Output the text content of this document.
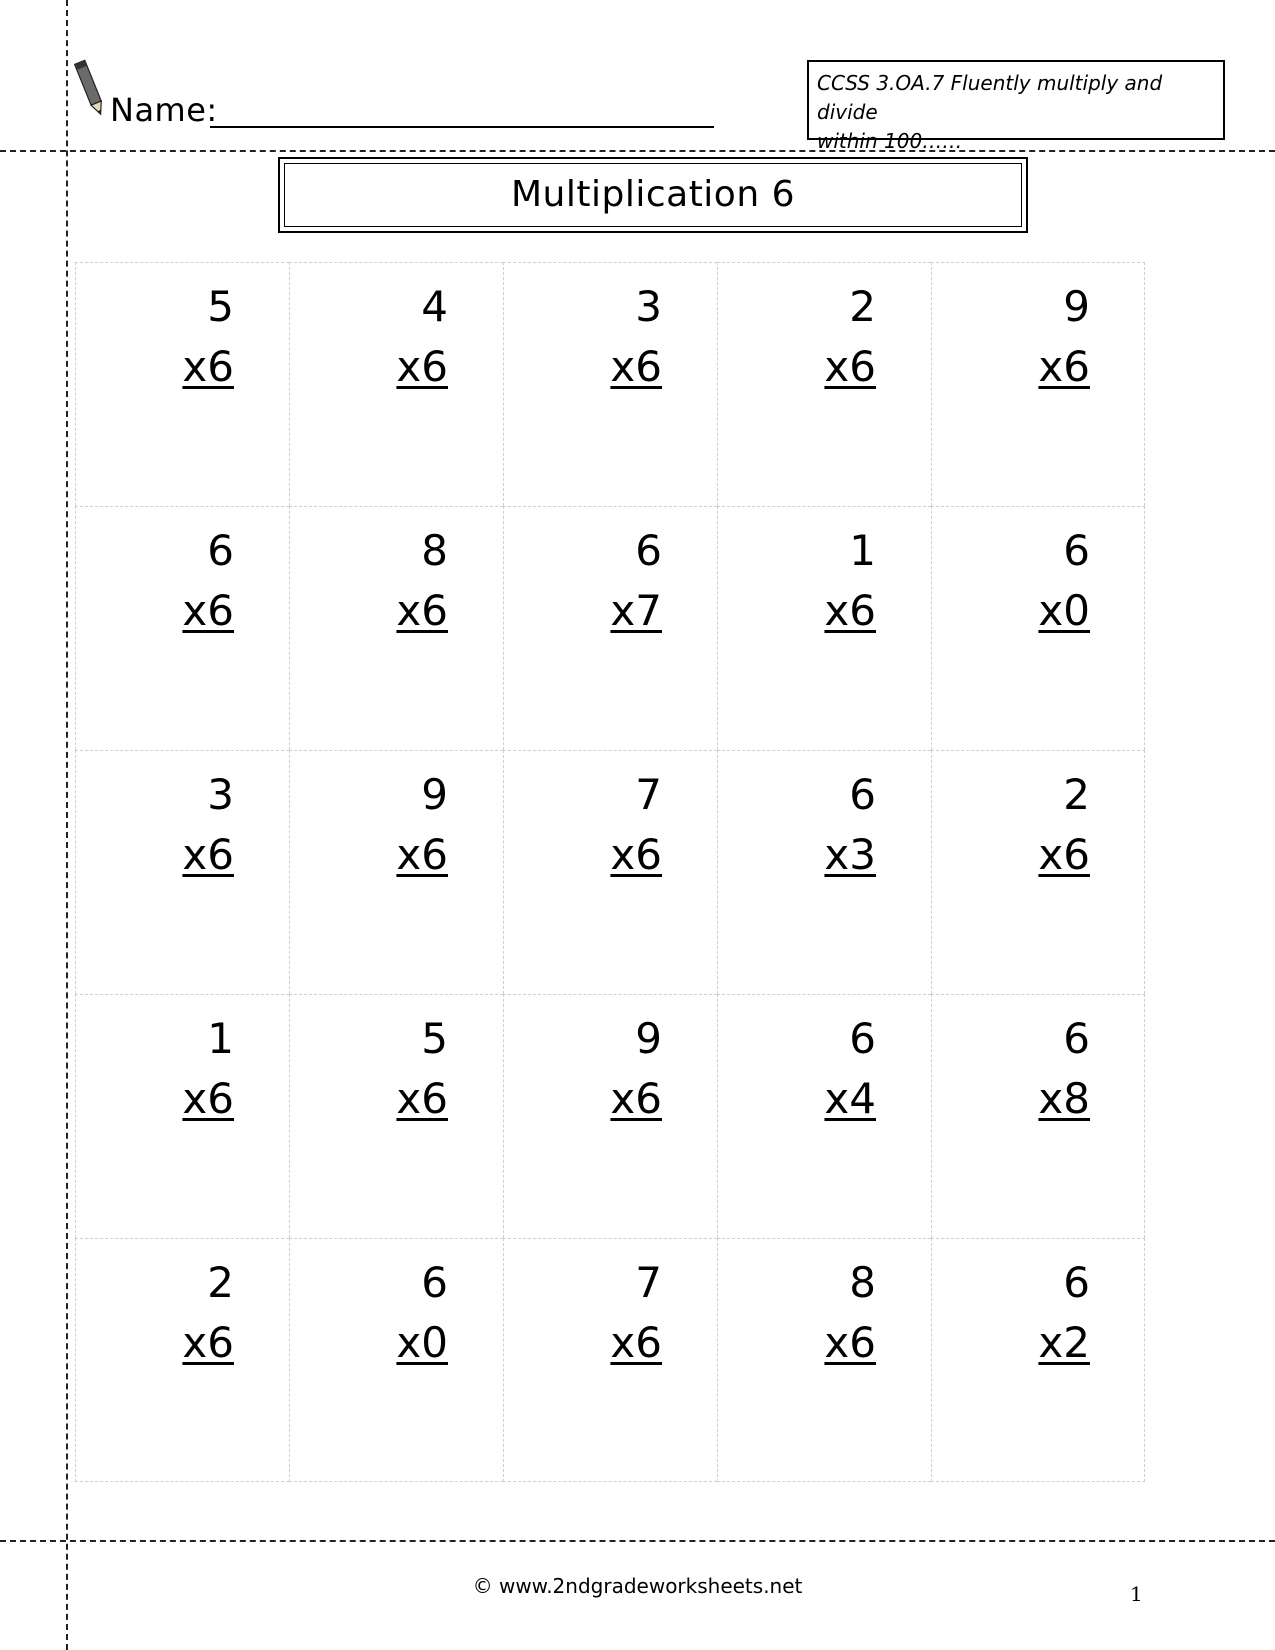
Name:
CCSS 3.OA.7 Fluently multiply and divide
within 100……
Multiplication 6
5
x6
4
x6
3
x6
2
x6
9
x6
6
x6
8
x6
6
x7
1
x6
6
x0
3
x6
9
x6
7
x6
6
x3
2
x6
1
x6
5
x6
9
x6
6
x4
6
x8
2
x6
6
x0
7
x6
8
x6
6
x2
© www.2ndgradeworksheets.net	1
